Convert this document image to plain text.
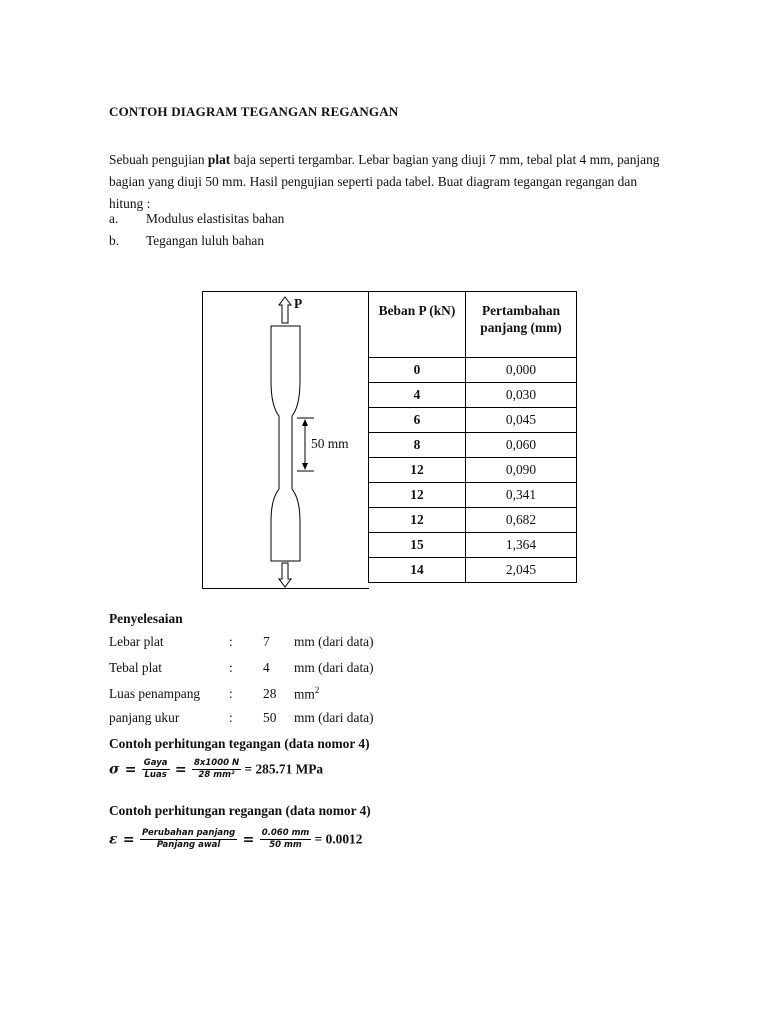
CONTOH DIAGRAM TEGANGAN REGANGAN
Sebuah pengujian plat baja seperti tergambar. Lebar bagian yang diuji 7 mm, tebal plat 4 mm, panjang bagian yang diuji 50 mm. Hasil pengujian seperti pada tabel. Buat diagram tegangan regangan dan hitung :
a. Modulus elastisitas bahan
b. Tegangan luluh bahan
P
50 mm
Beban P (kN)	Pertambahan panjang (mm)
0	0,000
4	0,030
6	0,045
8	0,060
12	0,090
12	0,341
12	0,682
15	1,364
14	2,045
Penyelesaian
Lebar plat	: 7 mm (dari data)
Tebal plat	: 4 mm (dari data)
Luas penampang : 28 $mm^2$
panjang ukur	: 50 mm (dari data)
Contoh perhitungan tegangan (data nomor 4)
$\sigma = \frac{\text{Gaya}}{\text{Luas}} = \frac{8x1000 N}{\text{28 mm²}} = 285.71$ MPa
Contoh perhitungan regangan (data nomor 4)
$\varepsilon = \frac{\text{Perubahan panjang}}{\text{Panjang awal}} = \frac{0.060 mm}{50 mm} = 0.0012$
